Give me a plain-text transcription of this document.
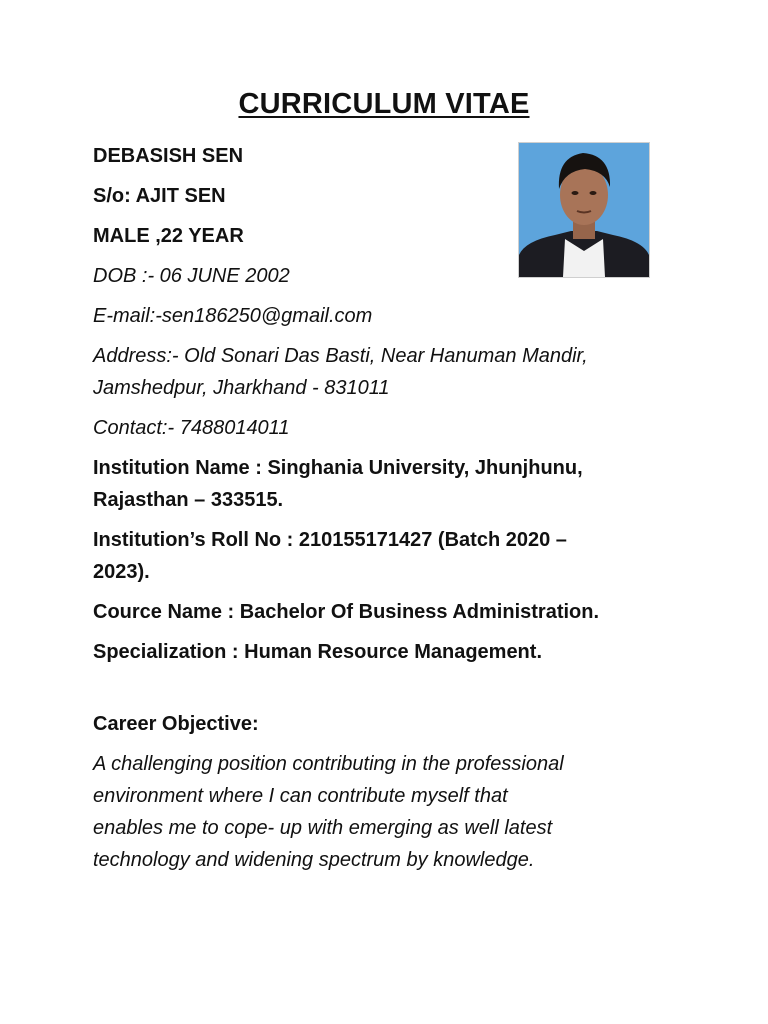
CURRICULUM VITAE

DEBASISH SEN

S/o: AJIT SEN

MALE ,22 YEAR

DOB :- 06 JUNE 2002

E-mail:-sen186250@gmail.com

Address:- Old Sonari Das Basti, Near Hanuman Mandir,

Jamshedpur, Jharkhand - 831011

Contact:- 7488014011

Institution Name : Singhania University, Jhunjhunu,

Rajasthan – 333515.

Institution’s Roll No : 210155171427 (Batch 2020 –

2023).

Cource Name : Bachelor Of Business Administration.

Specialization : Human Resource Management.

Career Objective:

A challenging position contributing in the professional

environment where I can contribute myself that

enables me to cope- up with emerging as well latest

technology and widening spectrum by knowledge.
